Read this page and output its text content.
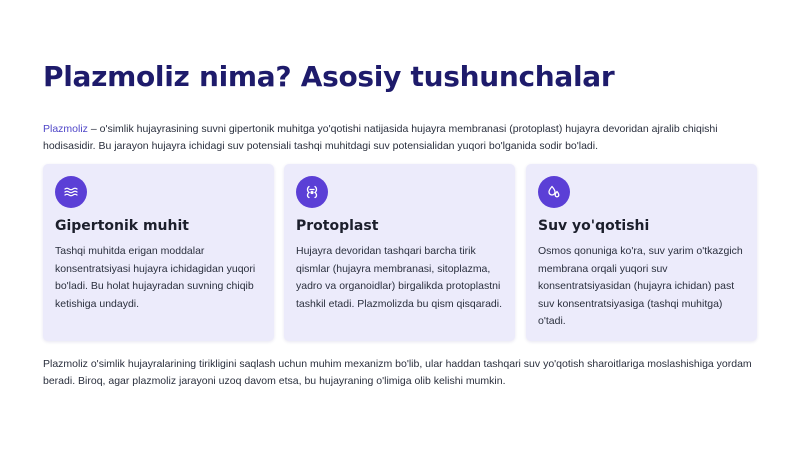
Plazmoliz nima? Asosiy tushunchalar

Plazmoliz – o'simlik hujayrasining suvni gipertonik muhitga yo'qotishi natijasida hujayra membranasi (protoplast) hujayra devoridan ajralib chiqishi hodisasidir. Bu jarayon hujayra ichidagi suv potensiali tashqi muhitdagi suv potensialidan yuqori bo'lganida sodir bo'ladi.

Gipertonik muhit

Tashqi muhitda erigan moddalar konsentratsiyasi hujayra ichidagidan yuqori bo'ladi. Bu holat hujayradan suvning chiqib ketishiga undaydi.

Protoplast

Hujayra devoridan tashqari barcha tirik qismlar (hujayra membranasi, sitoplazma, yadro va organoidlar) birgalikda protoplastni tashkil etadi. Plazmolizda bu qism qisqaradi.

Suv yo'qotishi

Osmos qonuniga ko'ra, suv yarim o'tkazgich membrana orqali yuqori suv konsentratsiyasidan (hujayra ichidan) past suv konsentratsiyasiga (tashqi muhitga) o'tadi.

Plazmoliz o'simlik hujayralarining tirikligini saqlash uchun muhim mexanizm bo'lib, ular haddan tashqari suv yo'qotish sharoitlariga moslashishiga yordam beradi. Biroq, agar plazmoliz jarayoni uzoq davom etsa, bu hujayraning o'limiga olib kelishi mumkin.
